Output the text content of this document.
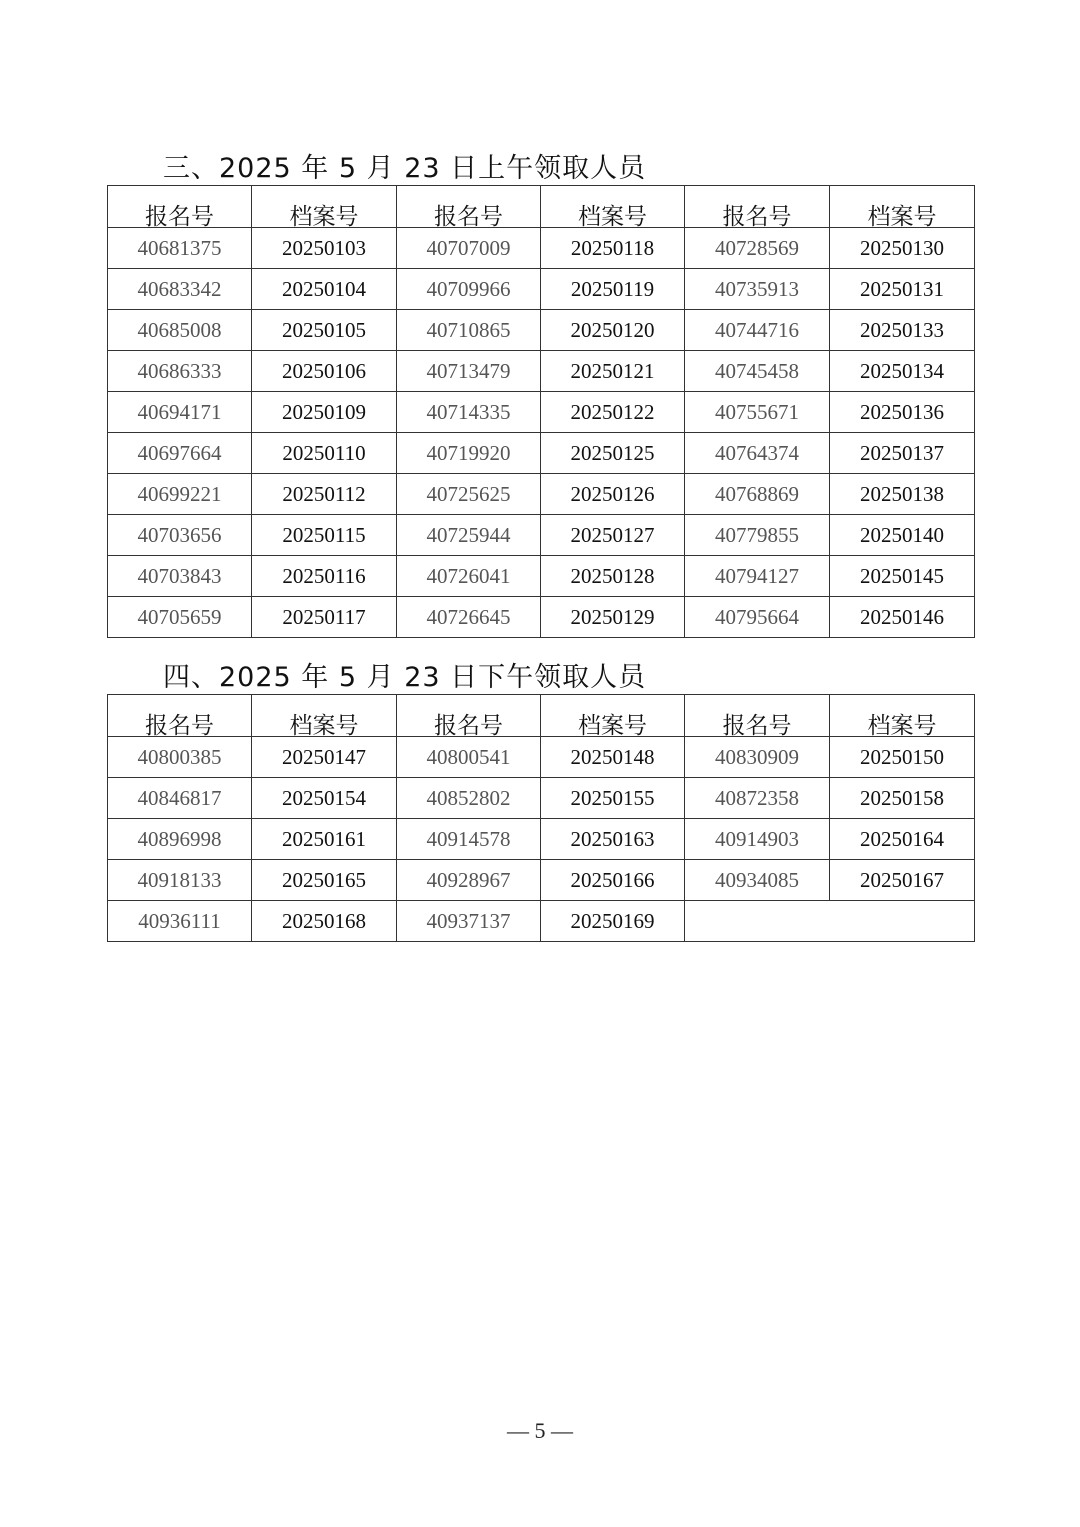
三、2025 年 5 月 23 日上午领取人员
报名号	档案号	报名号	档案号	报名号	档案号
40681375	20250103	40707009	20250118	40728569	20250130
40683342	20250104	40709966	20250119	40735913	20250131
40685008	20250105	40710865	20250120	40744716	20250133
40686333	20250106	40713479	20250121	40745458	20250134
40694171	20250109	40714335	20250122	40755671	20250136
40697664	20250110	40719920	20250125	40764374	20250137
40699221	20250112	40725625	20250126	40768869	20250138
40703656	20250115	40725944	20250127	40779855	20250140
40703843	20250116	40726041	20250128	40794127	20250145
40705659	20250117	40726645	20250129	40795664	20250146
四、2025 年 5 月 23 日下午领取人员
报名号	档案号	报名号	档案号	报名号	档案号
40800385	20250147	40800541	20250148	40830909	20250150
40846817	20250154	40852802	20250155	40872358	20250158
40896998	20250161	40914578	20250163	40914903	20250164
40918133	20250165	40928967	20250166	40934085	20250167
40936111	20250168	40937137	20250169		
— 5 —
